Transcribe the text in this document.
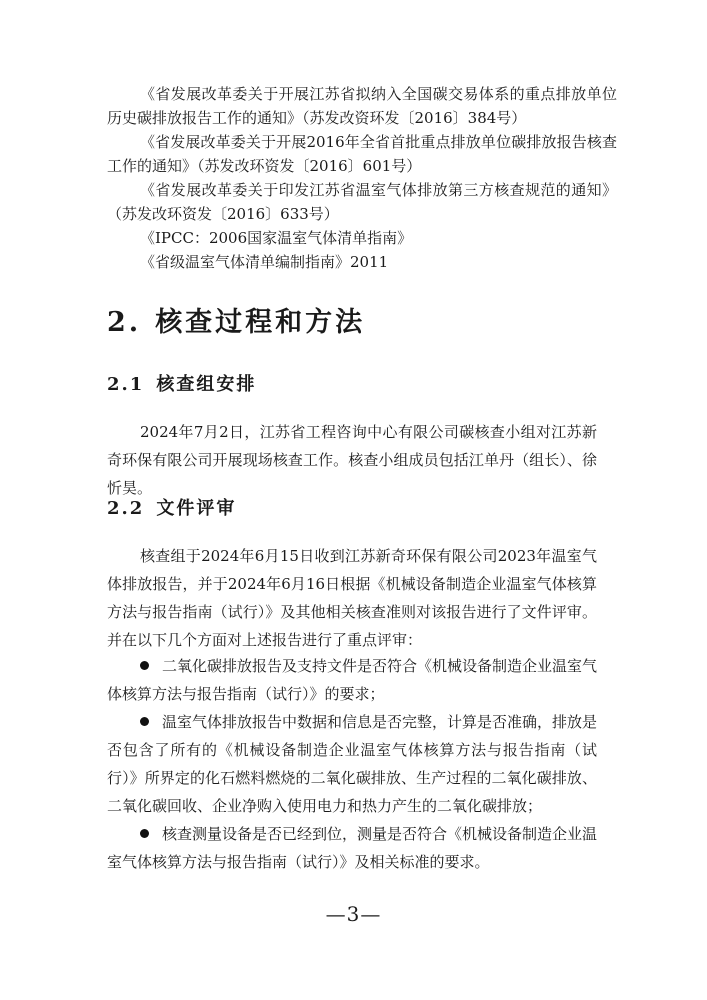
《省发展改革委关于开展江苏省拟纳入全国碳交易体系的重点排放单位历史碳排放报告工作的通知》（苏发改资环发〔2016〕384号）

《省发展改革委关于开展2016年全省首批重点排放单位碳排放报告核查工作的通知》（苏发改环资发〔2016〕601号）

《省发展改革委关于印发江苏省温室气体排放第三方核查规范的通知》（苏发改环资发〔2016〕633号）

《IPCC：2006国家温室气体清单指南》

《省级温室气体清单编制指南》2011

2. 核查过程和方法
2.1 核查组安排

2024年7月2日，江苏省工程咨询中心有限公司碳核查小组对江苏新奇环保有限公司开展现场核查工作。核查小组成员包括江单丹（组长）、徐忻昊。

2.2 文件评审

核查组于2024年6月15日收到江苏新奇环保有限公司2023年温室气体排放报告，并于2024年6月16日根据《机械设备制造企业温室气体核算方法与报告指南（试行）》及其他相关核查准则对该报告进行了文件评审。并在以下几个方面对上述报告进行了重点评审：

二氧化碳排放报告及支持文件是否符合《机械设备制造企业温室气体核算方法与报告指南（试行）》的要求；
温室气体排放报告中数据和信息是否完整，计算是否准确，排放是否包含了所有的《机械设备制造企业温室气体核算方法与报告指南（试行）》所界定的化石燃料燃烧的二氧化碳排放、生产过程的二氧化碳排放、二氧化碳回收、企业净购入使用电力和热力产生的二氧化碳排放；
核查测量设备是否已经到位，测量是否符合《机械设备制造企业温室气体核算方法与报告指南（试行）》及相关标准的要求。
—3—
